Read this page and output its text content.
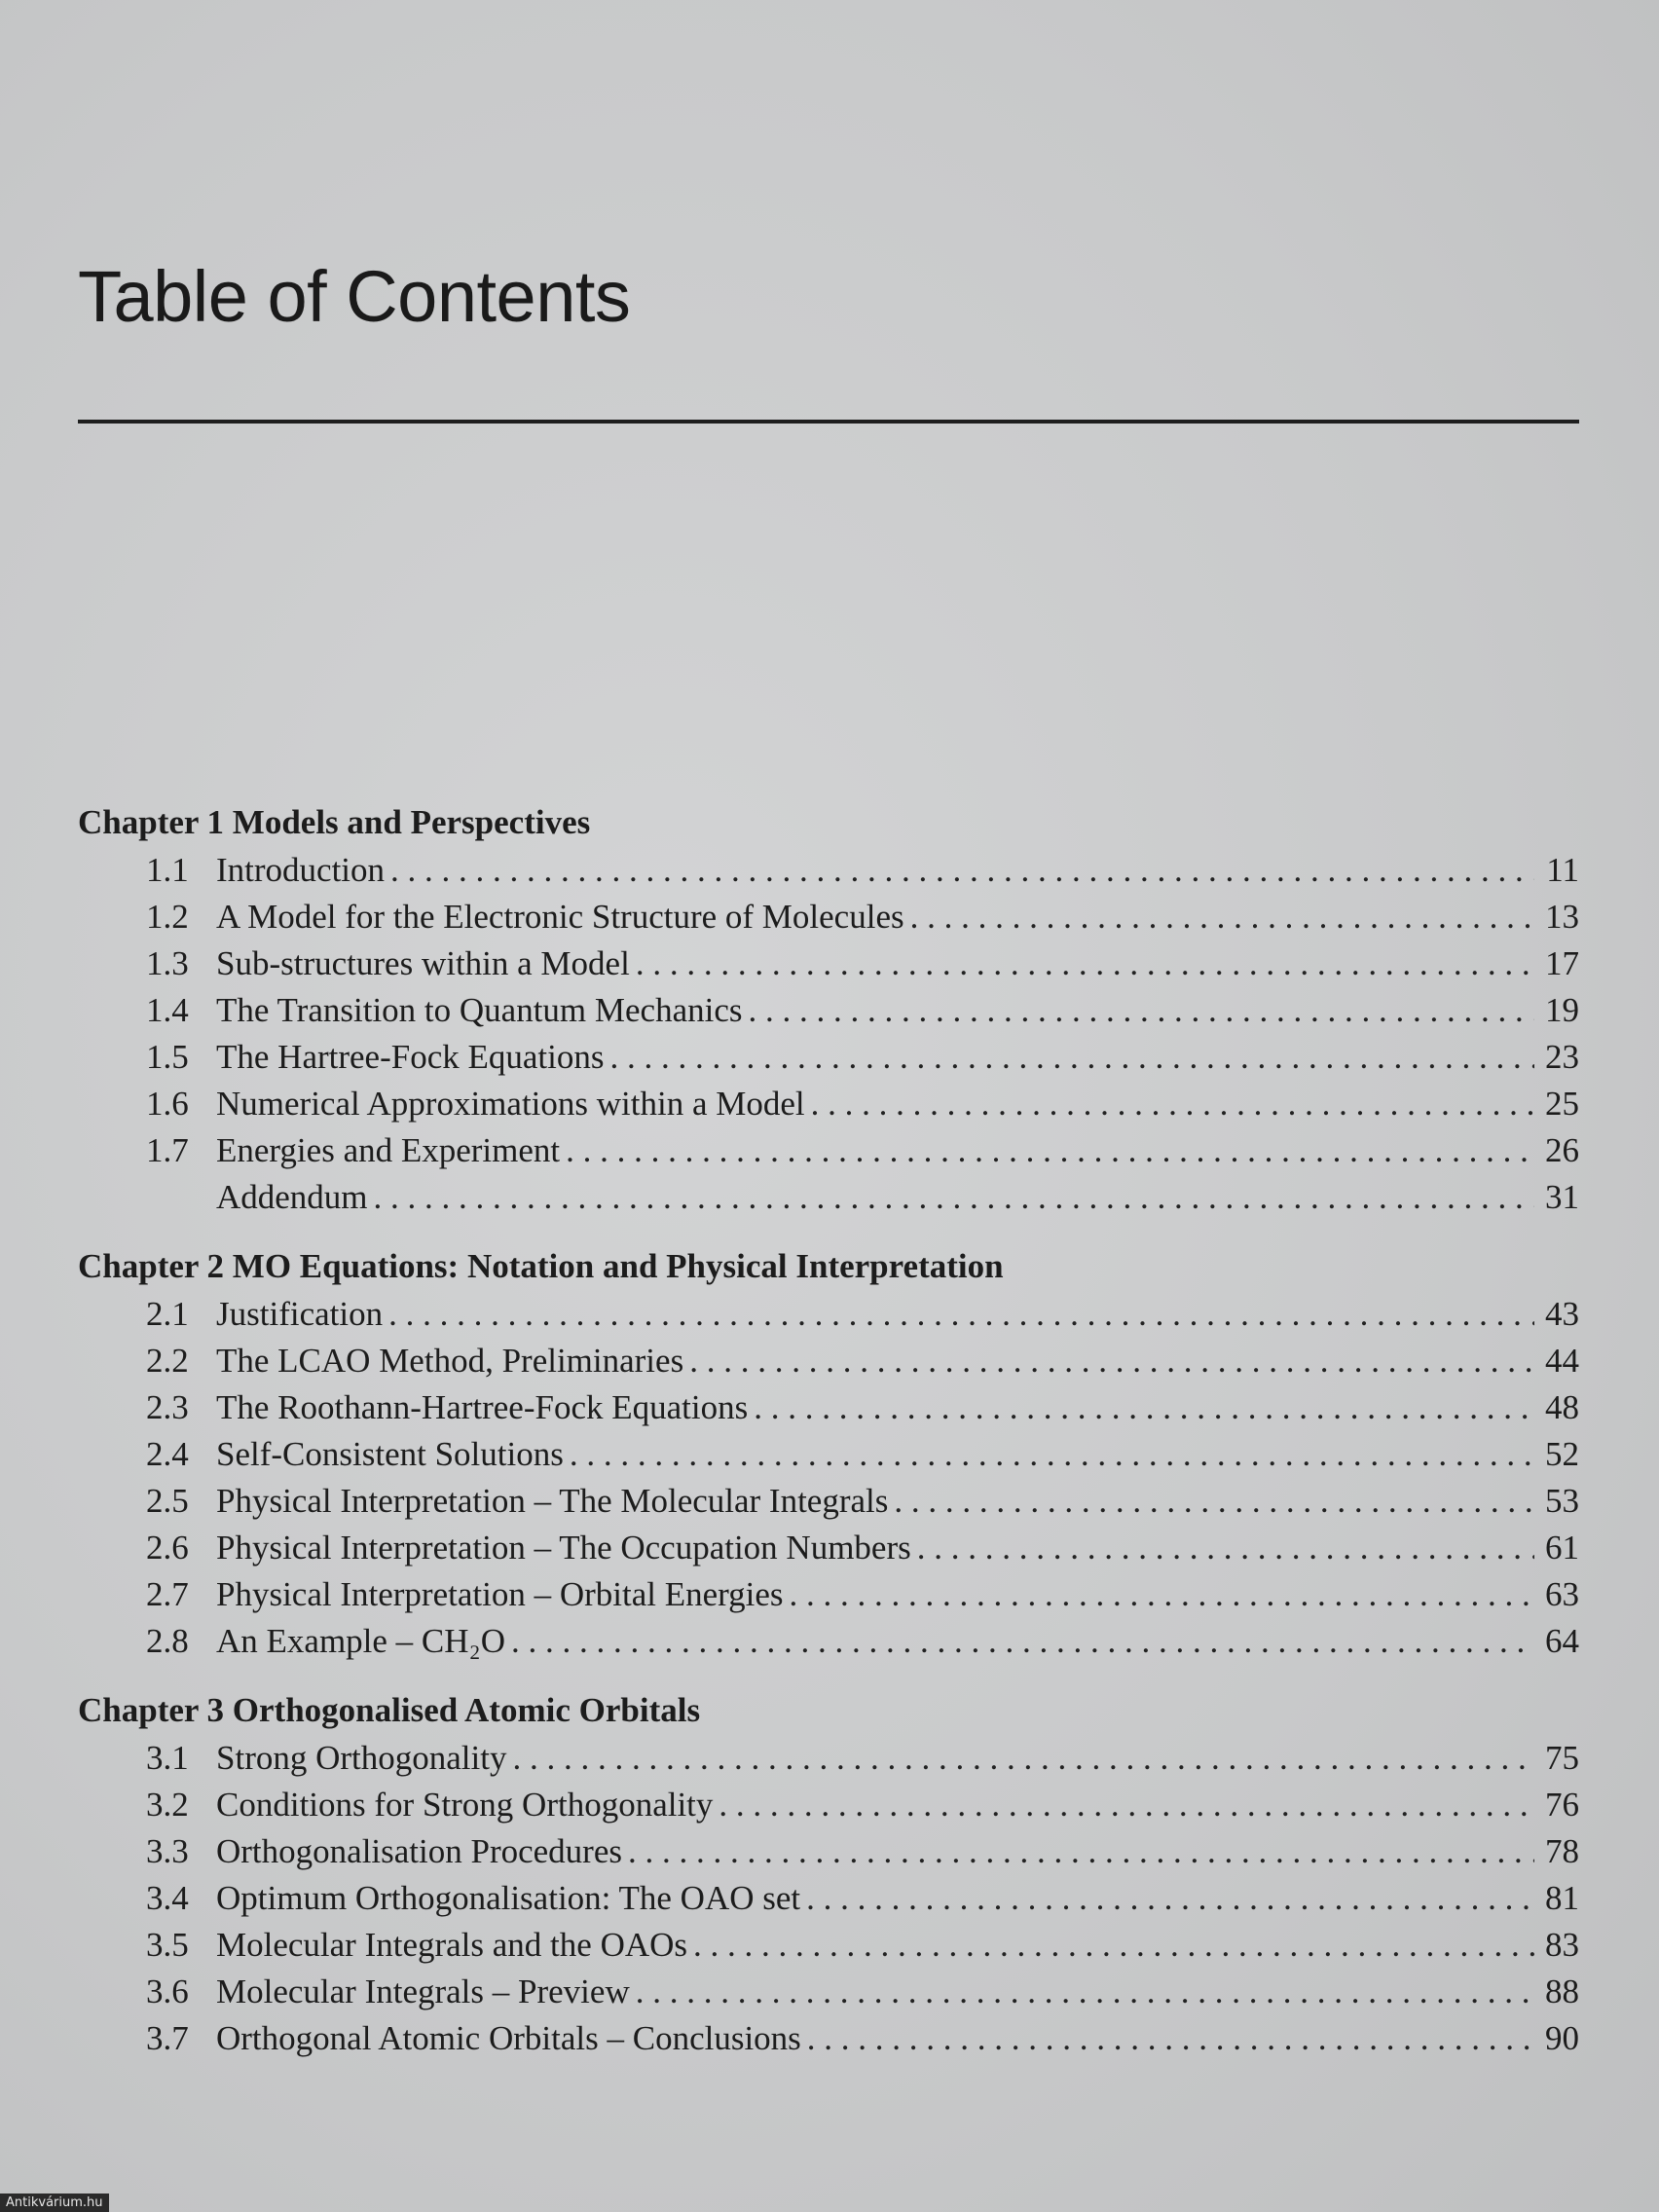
Table of Contents
Chapter 1 Models and Perspectives
1.1 Introduction . . .	11
1.2 A Model for the Electronic Structure of Molecules . . .	13
1.3 Sub-structures within a Model . . .	17
1.4 The Transition to Quantum Mechanics . . .	19
1.5 The Hartree-Fock Equations . . .	23
1.6 Numerical Approximations within a Model . . .	25
1.7 Energies and Experiment . . .	26
Addendum . . .	31
Chapter 2 MO Equations: Notation and Physical Interpretation
2.1 Justification . . .	43
2.2 The LCAO Method, Preliminaries . . .	44
2.3 The Roothann-Hartree-Fock Equations . . .	48
2.4 Self-Consistent Solutions . . .	52
2.5 Physical Interpretation – The Molecular Integrals . . .	53
2.6 Physical Interpretation – The Occupation Numbers . . .	61
2.7 Physical Interpretation – Orbital Energies . . .	63
2.8 An Example – CH₂O . . .	64
Chapter 3 Orthogonalised Atomic Orbitals
3.1 Strong Orthogonality . . .	75
3.2 Conditions for Strong Orthogonality . . .	76
3.3 Orthogonalisation Procedures . . .	78
3.4 Optimum Orthogonalisation: The OAO set . . .	81
3.5 Molecular Integrals and the OAOs . . .	83
3.6 Molecular Integrals – Preview . . .	88
3.7 Orthogonal Atomic Orbitals – Conclusions . . .	90
Antikvárium.hu
